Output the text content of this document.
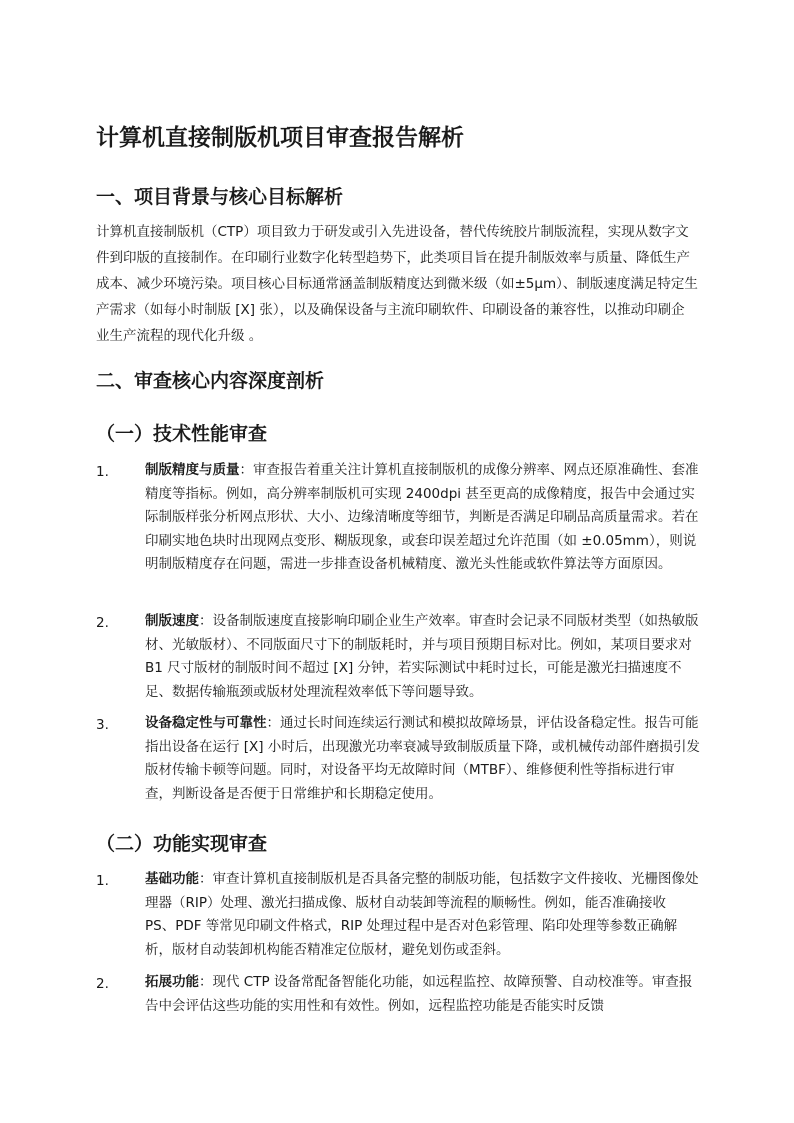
计算机直接制版机项目审查报告解析
一、项目背景与核心目标解析

计算机直接制版机（CTP）项目致力于研发或引入先进设备，替代传统胶片制版流程，实现从数字文件到印版的直接制作。在印刷行业数字化转型趋势下，此类项目旨在提升制版效率与质量、降低生产成本、减少环境污染。项目核心目标通常涵盖制版精度达到微米级（如±5μm）、制版速度满足特定生产需求（如每小时制版 [X] 张），以及确保设备与主流印刷软件、印刷设备的兼容性，以推动印刷企业生产流程的现代化升级 。

二、审查核心内容深度剖析
（一）技术性能审查
1.	制版精度与质量：审查报告着重关注计算机直接制版机的成像分辨率、网点还原准确性、套准精度等指标。例如，高分辨率制版机可实现 2400dpi 甚至更高的成像精度，报告中会通过实际制版样张分析网点形状、大小、边缘清晰度等细节，判断是否满足印刷品高质量需求。若在印刷实地色块时出现网点变形、糊版现象，或套印误差超过允许范围（如 ±0.05mm），则说明制版精度存在问题，需进一步排查设备机械精度、激光头性能或软件算法等方面原因。
2.	制版速度：设备制版速度直接影响印刷企业生产效率。审查时会记录不同版材类型（如热敏版材、光敏版材）、不同版面尺寸下的制版耗时，并与项目预期目标对比。例如，某项目要求对 B1 尺寸版材的制版时间不超过 [X] 分钟，若实际测试中耗时过长，可能是激光扫描速度不足、数据传输瓶颈或版材处理流程效率低下等问题导致。
3.	设备稳定性与可靠性：通过长时间连续运行测试和模拟故障场景，评估设备稳定性。报告可能指出设备在运行 [X] 小时后，出现激光功率衰减导致制版质量下降，或机械传动部件磨损引发版材传输卡顿等问题。同时，对设备平均无故障时间（MTBF）、维修便利性等指标进行审查，判断设备是否便于日常维护和长期稳定使用。
（二）功能实现审查
1.	基础功能：审查计算机直接制版机是否具备完整的制版功能，包括数字文件接收、光栅图像处理器（RIP）处理、激光扫描成像、版材自动装卸等流程的顺畅性。例如，能否准确接收 PS、PDF 等常见印刷文件格式，RIP 处理过程中是否对色彩管理、陷印处理等参数正确解析，版材自动装卸机构能否精准定位版材，避免划伤或歪斜。
2.	拓展功能：现代 CTP 设备常配备智能化功能，如远程监控、故障预警、自动校准等。审查报告中会评估这些功能的实用性和有效性。例如，远程监控功能是否能实时反馈
